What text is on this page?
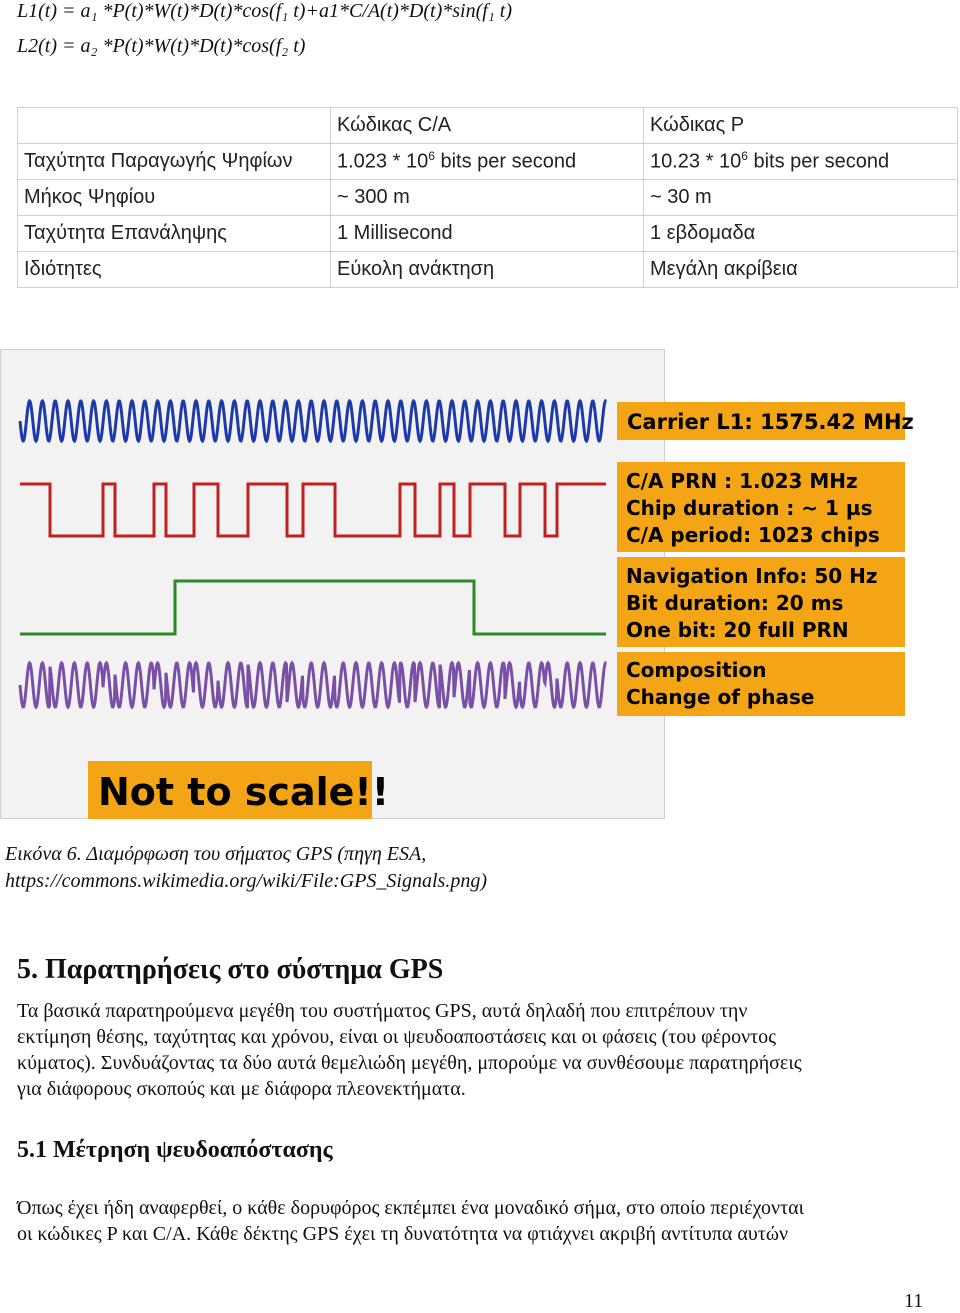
L1(t) = a₁ *P(t)*W(t)*D(t)*cos(f₁ t)+a1*C/A(t)*D(t)*sin(f₁ t)
L2(t) = a₂ *P(t)*W(t)*D(t)*cos(f₂ t)
	Κώδικας C/A	Κώδικας P
Ταχύτητα Παραγωγής Ψηφίων	$1.023 * 10^6$ bits per second	$10.23 * 10^6$ bits per second
Μήκος Ψηφίου	~ 300 m	~ 30 m
Ταχύτητα Επανάληψης	1 Millisecond	1 εβδομαδα
Ιδιότητες	Εύκολη ανάκτηση	Μεγάλη ακρίβεια
Carrier L1: 1575.42 MHz
C/A PRN : 1.023 MHz
Chip duration : ~ 1 µs
C/A period: 1023 chips
Navigation Info: 50 Hz
Bit duration: 20 ms
One bit: 20 full PRN
Composition
Change of phase
Not to scale!!
Εικόνα 6. Διαμόρφωση του σήματος GPS (πηγη ESA,
https://commons.wikimedia.org/wiki/File:GPS_Signals.png)
5. Παρατηρήσεις στο σύστημα GPS
Τα βασικά παρατηρούμενα μεγέθη του συστήματος GPS, αυτά δηλαδή που επιτρέπουν την
εκτίμηση θέσης, ταχύτητας και χρόνου, είναι οι ψευδοαποστάσεις και οι φάσεις (του φέροντος
κύματος). Συνδυάζοντας τα δύο αυτά θεμελιώδη μεγέθη, μπορούμε να συνθέσουμε παρατηρήσεις
για διάφορους σκοπούς και με διάφορα πλεονεκτήματα.
5.1 Μέτρηση ψευδοαπόστασης
Όπως έχει ήδη αναφερθεί, ο κάθε δορυφόρος εκπέμπει ένα μοναδικό σήμα, στο οποίο περιέχονται
οι κώδικες P και C/A. Κάθε δέκτης GPS έχει τη δυνατότητα να φτιάχνει ακριβή αντίτυπα αυτών
11
